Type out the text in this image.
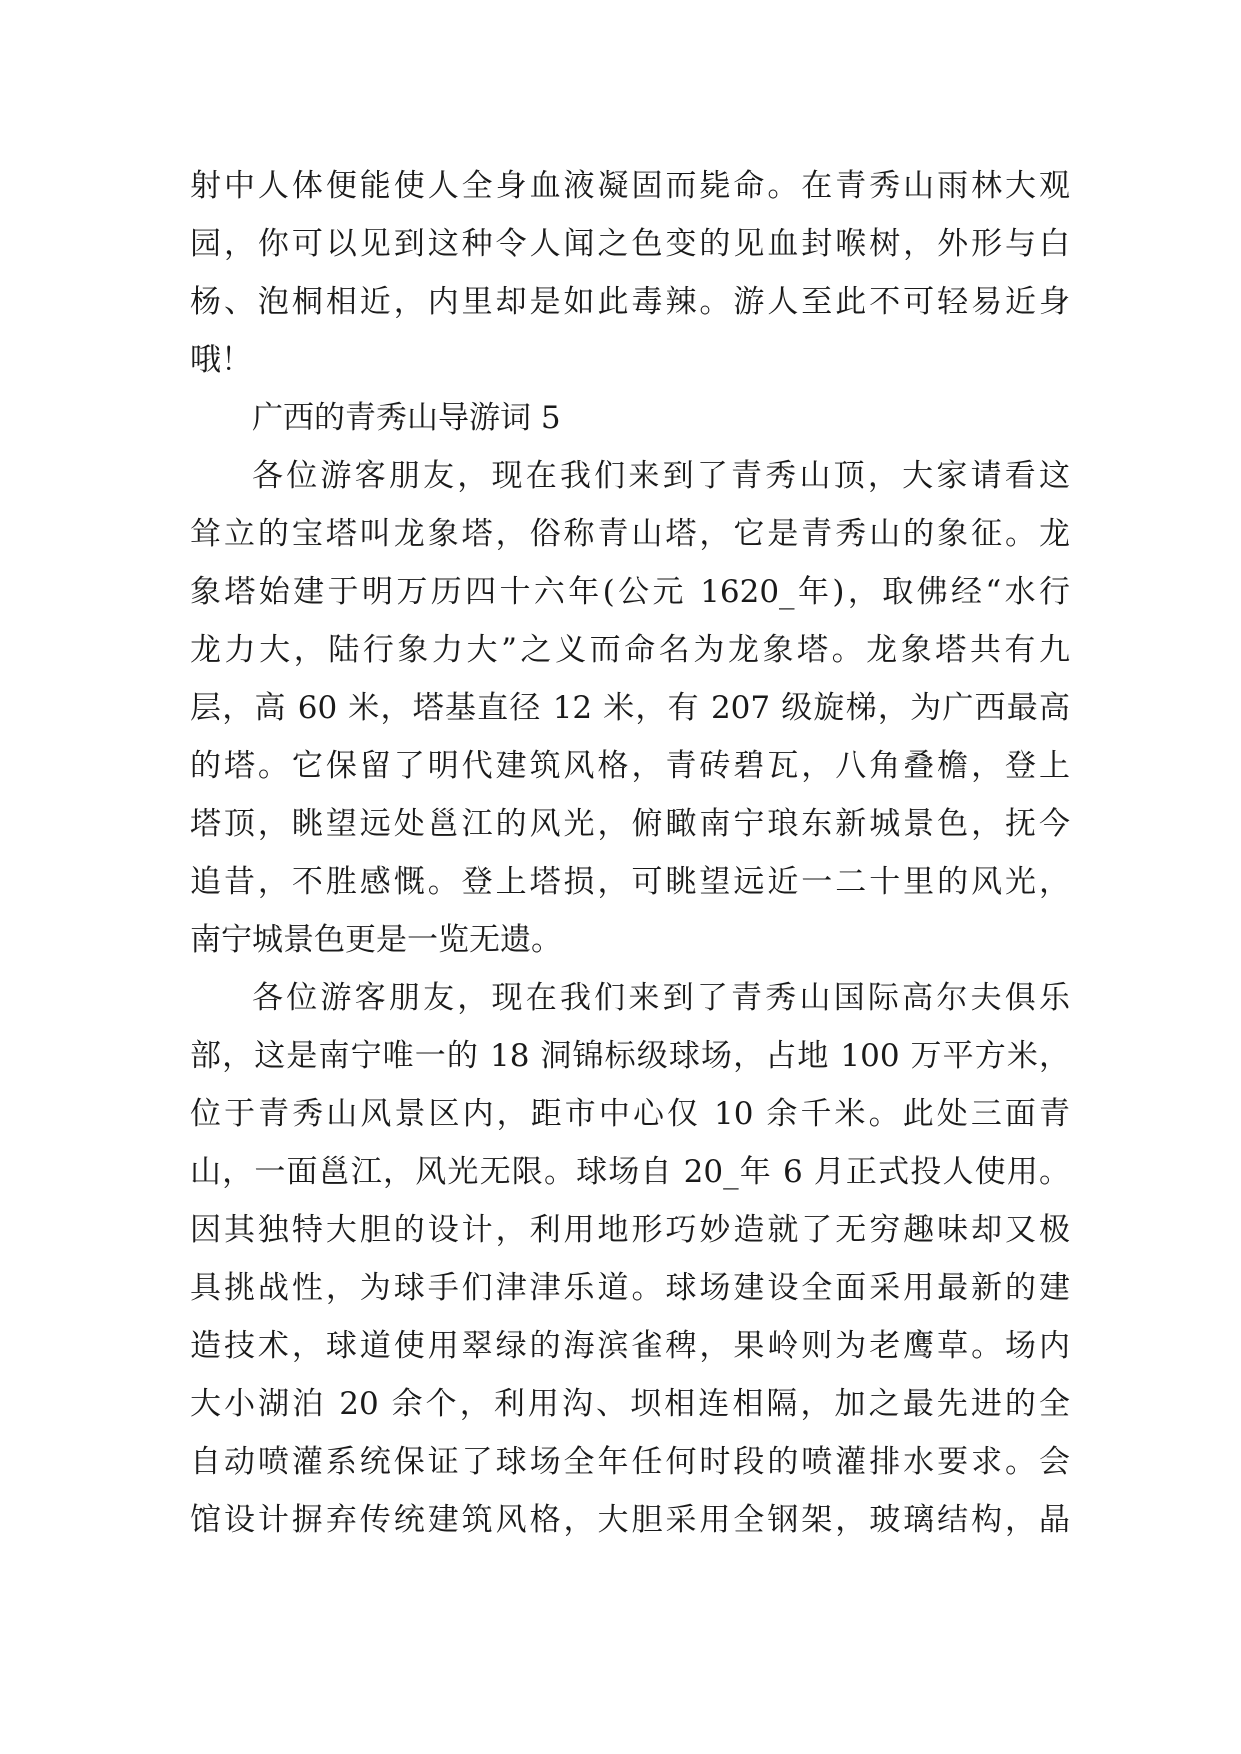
射中人体便能使人全身血液凝固而毙命。在青秀山雨林大观
园，你可以见到这种令人闻之色变的见血封喉树，外形与白
杨、泡桐相近，内里却是如此毒辣。游人至此不可轻易近身
哦！
广西的青秀山导游词 5
各位游客朋友，现在我们来到了青秀山顶，大家请看这
耸立的宝塔叫龙象塔，俗称青山塔，它是青秀山的象征。龙
象塔始建于明万历四十六年(公元 1620_年)，取佛经“水行
龙力大，陆行象力大”之义而命名为龙象塔。龙象塔共有九
层，高 60 米，塔基直径 12 米，有 207 级旋梯，为广西最高
的塔。它保留了明代建筑风格，青砖碧瓦，八角叠檐，登上
塔顶，眺望远处邕江的风光，俯瞰南宁琅东新城景色，抚今
追昔，不胜感慨。登上塔损，可眺望远近一二十里的风光，
南宁城景色更是一览无遗。
各位游客朋友，现在我们来到了青秀山国际高尔夫俱乐
部，这是南宁唯一的 18 洞锦标级球场，占地 100 万平方米，
位于青秀山风景区内，距市中心仅 10 余千米。此处三面青
山，一面邕江，风光无限。球场自 20_年 6 月正式投人使用。
因其独特大胆的设计，利用地形巧妙造就了无穷趣味却又极
具挑战性，为球手们津津乐道。球场建设全面采用最新的建
造技术，球道使用翠绿的海滨雀稗，果岭则为老鹰草。场内
大小湖泊 20 余个，利用沟、坝相连相隔，加之最先进的全
自动喷灌系统保证了球场全年任何时段的喷灌排水要求。会
馆设计摒弃传统建筑风格，大胆采用全钢架，玻璃结构，晶
